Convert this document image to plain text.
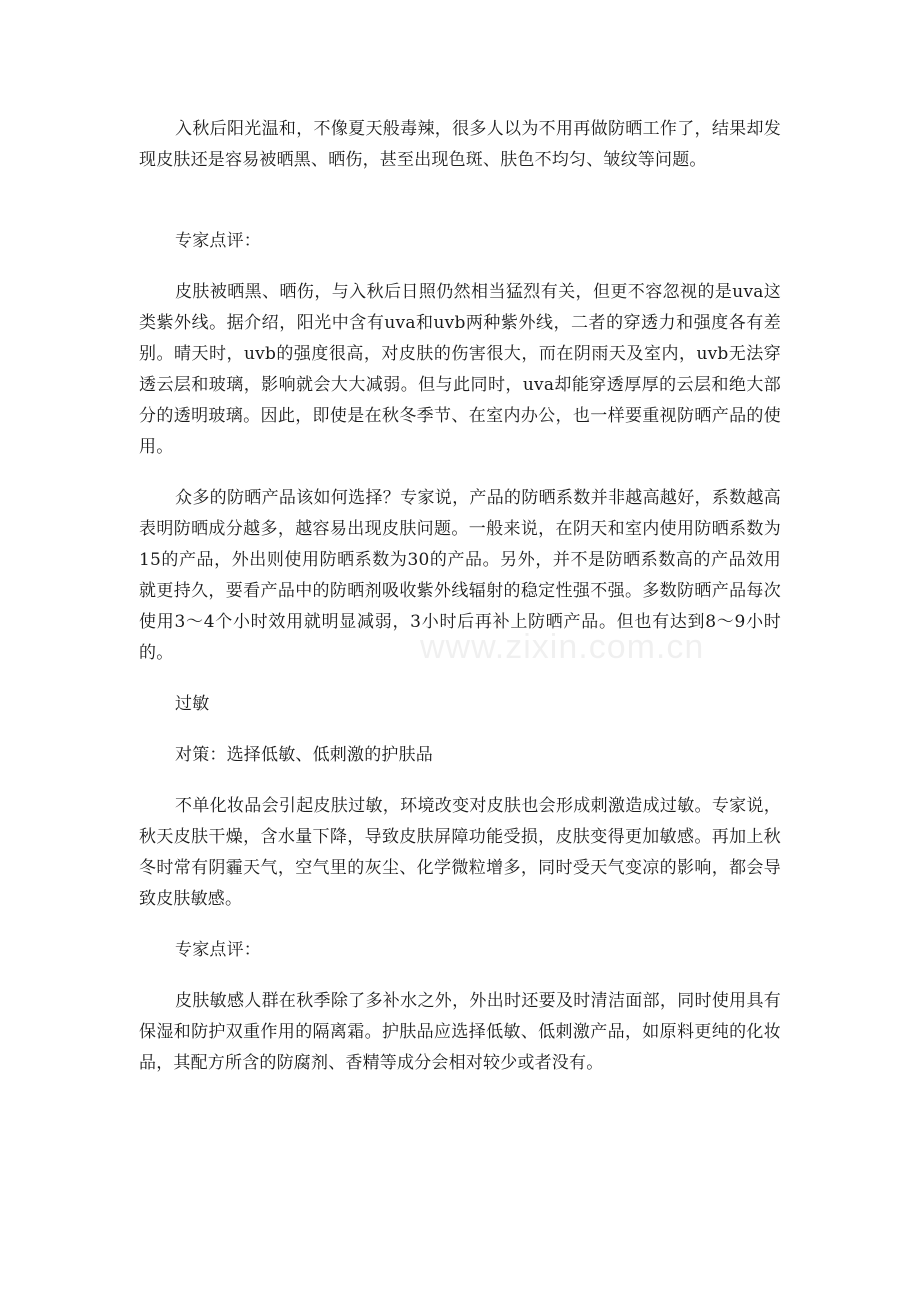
入秋后阳光温和，不像夏天般毒辣，很多人以为不用再做防晒工作了，结果却发现皮肤还是容易被晒黑、晒伤，甚至出现色斑、肤色不均匀、皱纹等问题。

专家点评：

皮肤被晒黑、晒伤，与入秋后日照仍然相当猛烈有关，但更不容忽视的是uva这类紫外线。据介绍，阳光中含有uva和uvb两种紫外线，二者的穿透力和强度各有差别。晴天时，uvb的强度很高，对皮肤的伤害很大，而在阴雨天及室内，uvb无法穿透云层和玻璃，影响就会大大减弱。但与此同时，uva却能穿透厚厚的云层和绝大部分的透明玻璃。因此，即使是在秋冬季节、在室内办公，也一样要重视防晒产品的使用。

众多的防晒产品该如何选择？专家说，产品的防晒系数并非越高越好，系数越高表明防晒成分越多，越容易出现皮肤问题。一般来说，在阴天和室内使用防晒系数为15的产品，外出则使用防晒系数为30的产品。另外，并不是防晒系数高的产品效用就更持久，要看产品中的防晒剂吸收紫外线辐射的稳定性强不强。多数防晒产品每次使用3～4个小时效用就明显减弱，3小时后再补上防晒产品。但也有达到8～9小时的。

过敏

对策：选择低敏、低刺激的护肤品

不单化妆品会引起皮肤过敏，环境改变对皮肤也会形成刺激造成过敏。专家说，秋天皮肤干燥，含水量下降，导致皮肤屏障功能受损，皮肤变得更加敏感。再加上秋冬时常有阴霾天气，空气里的灰尘、化学微粒增多，同时受天气变凉的影响，都会导致皮肤敏感。

专家点评：

皮肤敏感人群在秋季除了多补水之外，外出时还要及时清洁面部，同时使用具有保湿和防护双重作用的隔离霜。护肤品应选择低敏、低刺激产品，如原料更纯的化妆品，其配方所含的防腐剂、香精等成分会相对较少或者没有。

www.zixin.com.cn
